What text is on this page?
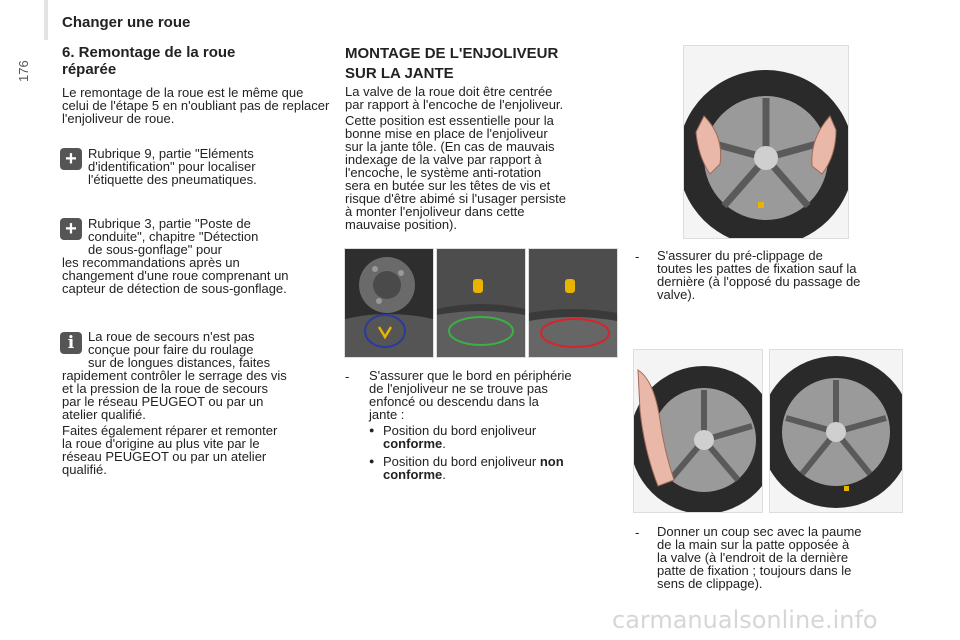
Changer une roue
176
6. Remontage de la roue réparée

Le remontage de la roue est le même que celui de l'étape 5 en n'oubliant pas de replacer l'enjoliveur de roue.

+ Rubrique 9, partie "Eléments

d'identification" pour localiser

l'étiquette des pneumatiques.

+ Rubrique 3, partie "Poste de

conduite", chapitre "Détection

de sous-gonflage" pour

les recommandations après un

changement d'une roue comprenant un

capteur de détection de sous-gonflage.

i	La roue de secours n'est pas

conçue pour faire du roulage

sur de longues distances, faites

rapidement contrôler le serrage des vis

et la pression de la roue de secours

par le réseau PEUGEOT ou par un

atelier qualifié.

Faites également réparer et remonter

la roue d'origine au plus vite par le

réseau PEUGEOT ou par un atelier

qualifié.

MONTAGE DE L'ENJOLIVEUR
SUR LA JANTE

La valve de la roue doit être centrée

par rapport à l'encoche de l'enjoliveur.

Cette position est essentielle pour la

bonne mise en place de l'enjoliveur

sur la jante tôle. (En cas de mauvais

indexage de la valve par rapport à

l'encoche, le système anti-rotation

sera en butée sur les têtes de vis et

risque d'être abimé si l'usager persiste

à monter l'enjoliveur dans cette

mauvaise position).

- S'assurer que le bord en périphérie

de l'enjoliveur ne se trouve pas

enfoncé ou descendu dans la

jante :

● Position du bord enjoliveur

conforme.

● Position du bord enjoliveur non

conforme.

- S'assurer du pré-clippage de

toutes les pattes de fixation sauf la

dernière (à l'opposé du passage de

valve).

- Donner un coup sec avec la paume

de la main sur la patte opposée à

la valve (à l'endroit de la dernière

patte de fixation ; toujours dans le

sens de clippage).

carmanualsonline.info
